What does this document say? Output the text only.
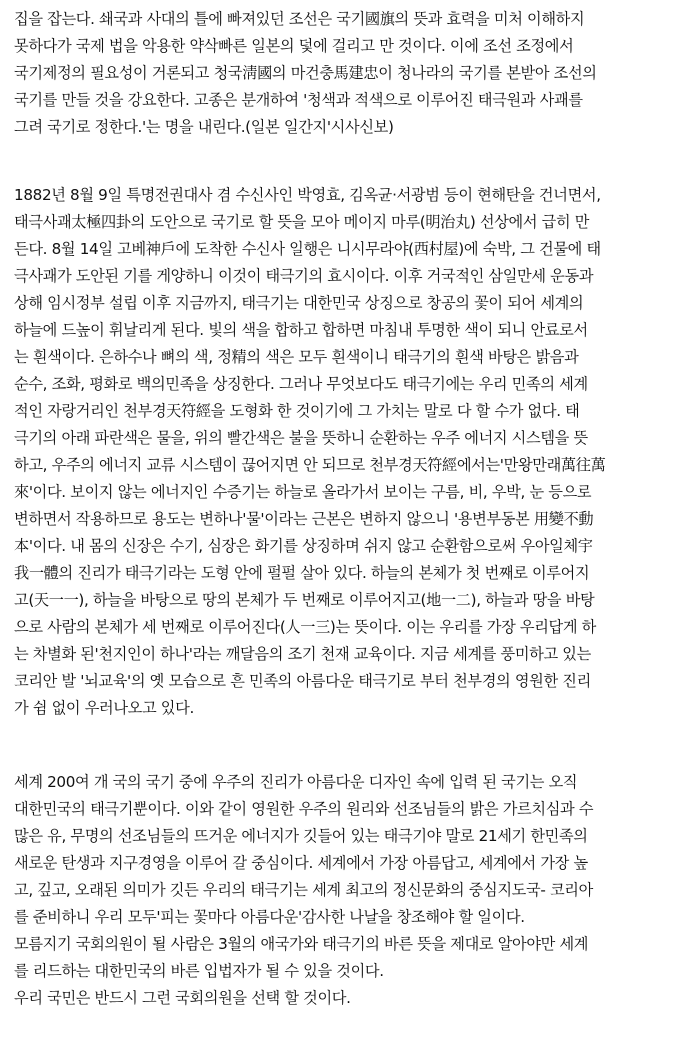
집을 잡는다. 쇄국과 사대의 틀에 빠져있던 조선은 국기國旗의 뜻과 효력을 미처 이해하지
못하다가 국제 법을 악용한 약삭빠른 일본의 덫에 걸리고 만 것이다. 이에 조선 조정에서
국기제정의 필요성이 거론되고 청국淸國의 마건충馬建忠이 청나라의 국기를 본받아 조선의
국기를 만들 것을 강요한다. 고종은 분개하여 '청색과 적색으로 이루어진 태극원과 사괘를
그려 국기로 정한다.'는 명을 내린다.(일본 일간지'시사신보)
1882년 8월 9일 특명전권대사 겸 수신사인 박영효, 김옥균·서광범 등이 현해탄을 건너면서,
태극사괘太極四卦의 도안으로 국기로 할 뜻을 모아 메이지 마루(明治丸) 선상에서 급히 만
든다. 8월 14일 고베神戶에 도착한 수신사 일행은 니시무라야(西村屋)에 숙박, 그 건물에 태
극사괘가 도안된 기를 게양하니 이것이 태극기의 효시이다. 이후 거국적인 삼일만세 운동과
상해 임시정부 설립 이후 지금까지, 태극기는 대한민국 상징으로 창공의 꽃이 되어 세계의
하늘에 드높이 휘날리게 된다. 빛의 색을 합하고 합하면 마침내 투명한 색이 되니 안료로서
는 흰색이다. 은하수나 뼈의 색, 정精의 색은 모두 흰색이니 태극기의 흰색 바탕은 밝음과
순수, 조화, 평화로 백의민족을 상징한다. 그러나 무엇보다도 태극기에는 우리 민족의 세계
적인 자랑거리인 천부경天符經을 도형화 한 것이기에 그 가치는 말로 다 할 수가 없다. 태
극기의 아래 파란색은 물을, 위의 빨간색은 불을 뜻하니 순환하는 우주 에너지 시스템을 뜻
하고, 우주의 에너지 교류 시스템이 끊어지면 안 되므로 천부경天符經에서는'만왕만래萬往萬
來'이다. 보이지 않는 에너지인 수증기는 하늘로 올라가서 보이는 구름, 비, 우박, 눈 등으로
변하면서 작용하므로 용도는 변하나'물'이라는 근본은 변하지 않으니 '용변부동본 用變不動
本'이다. 내 몸의 신장은 수기, 심장은 화기를 상징하며 쉬지 않고 순환함으로써 우아일체宇
我一體의 진리가 태극기라는 도형 안에 펄펄 살아 있다. 하늘의 본체가 첫 번째로 이루어지
고(天一一), 하늘을 바탕으로 땅의 본체가 두 번째로 이루어지고(地一二), 하늘과 땅을 바탕
으로 사람의 본체가 세 번째로 이루어진다(人一三)는 뜻이다. 이는 우리를 가장 우리답게 하
는 차별화 된'천지인이 하나'라는 깨달음의 조기 천재 교육이다. 지금 세계를 풍미하고 있는
코리안 발 '뇌교육'의 옛 모습으로 흔 민족의 아름다운 태극기로 부터 천부경의 영원한 진리
가 쉼 없이 우러나오고 있다.
세계 200여 개 국의 국기 중에 우주의 진리가 아름다운 디자인 속에 입력 된 국기는 오직
대한민국의 태극기뿐이다. 이와 같이 영원한 우주의 원리와 선조님들의 밝은 가르치심과 수
많은 유, 무명의 선조님들의 뜨거운 에너지가 깃들어 있는 태극기야 말로 21세기 한민족의
새로운 탄생과 지구경영을 이루어 갈 중심이다. 세계에서 가장 아름답고, 세계에서 가장 높
고, 깊고, 오래된 의미가 깃든 우리의 태극기는 세계 최고의 정신문화의 중심지도국- 코리아
를 준비하니 우리 모두'피는 꽃마다 아름다운'감사한 나날을 창조해야 할 일이다.
모름지기 국회의원이 될 사람은 3월의 애국가와 태극기의 바른 뜻을 제대로 알아야만 세계
를 리드하는 대한민국의 바른 입법자가 될 수 있을 것이다.
우리 국민은 반드시 그런 국회의원을 선택 할 것이다.
